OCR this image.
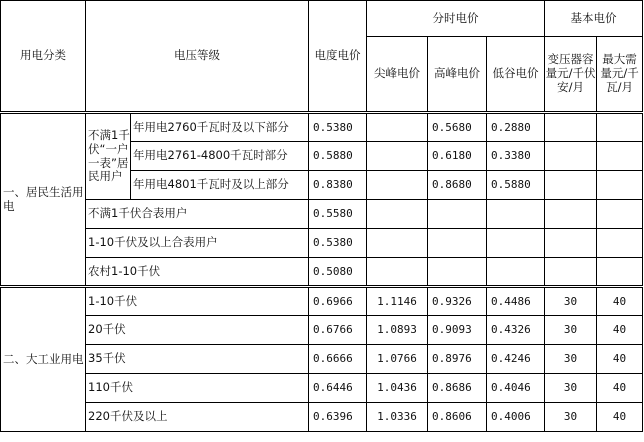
用电分类	电压等级		电度电价	分时电价			基本电价	
				尖峰电价	高峰电价	低谷电价	变压器容量元/千伏安/月	最大需量元/千瓦/月
一、居民生活用电	不满1千伏“一户一表”居民用户	年用电2760千瓦时及以下部分	0.5380		0.5680	0.2880		
		年用电2761-4800千瓦时部分	0.5880		0.6180	0.3380		
		年用电4801千瓦时及以上部分	0.8380		0.8680	0.5880		
	不满1千伏合表用户		0.5580					
	1-10千伏及以上合表用户		0.5380					
	农村1-10千伏		0.5080					
二、大工业用电	1-10千伏		0.6966	1.1146	0.9326	0.4486	30	40
	20千伏		0.6766	1.0893	0.9093	0.4326	30	40
	35千伏		0.6666	1.0766	0.8976	0.4246	30	40
	110千伏		0.6446	1.0436	0.8686	0.4046	30	40
	220千伏及以上		0.6396	1.0336	0.8606	0.4006	30	40
